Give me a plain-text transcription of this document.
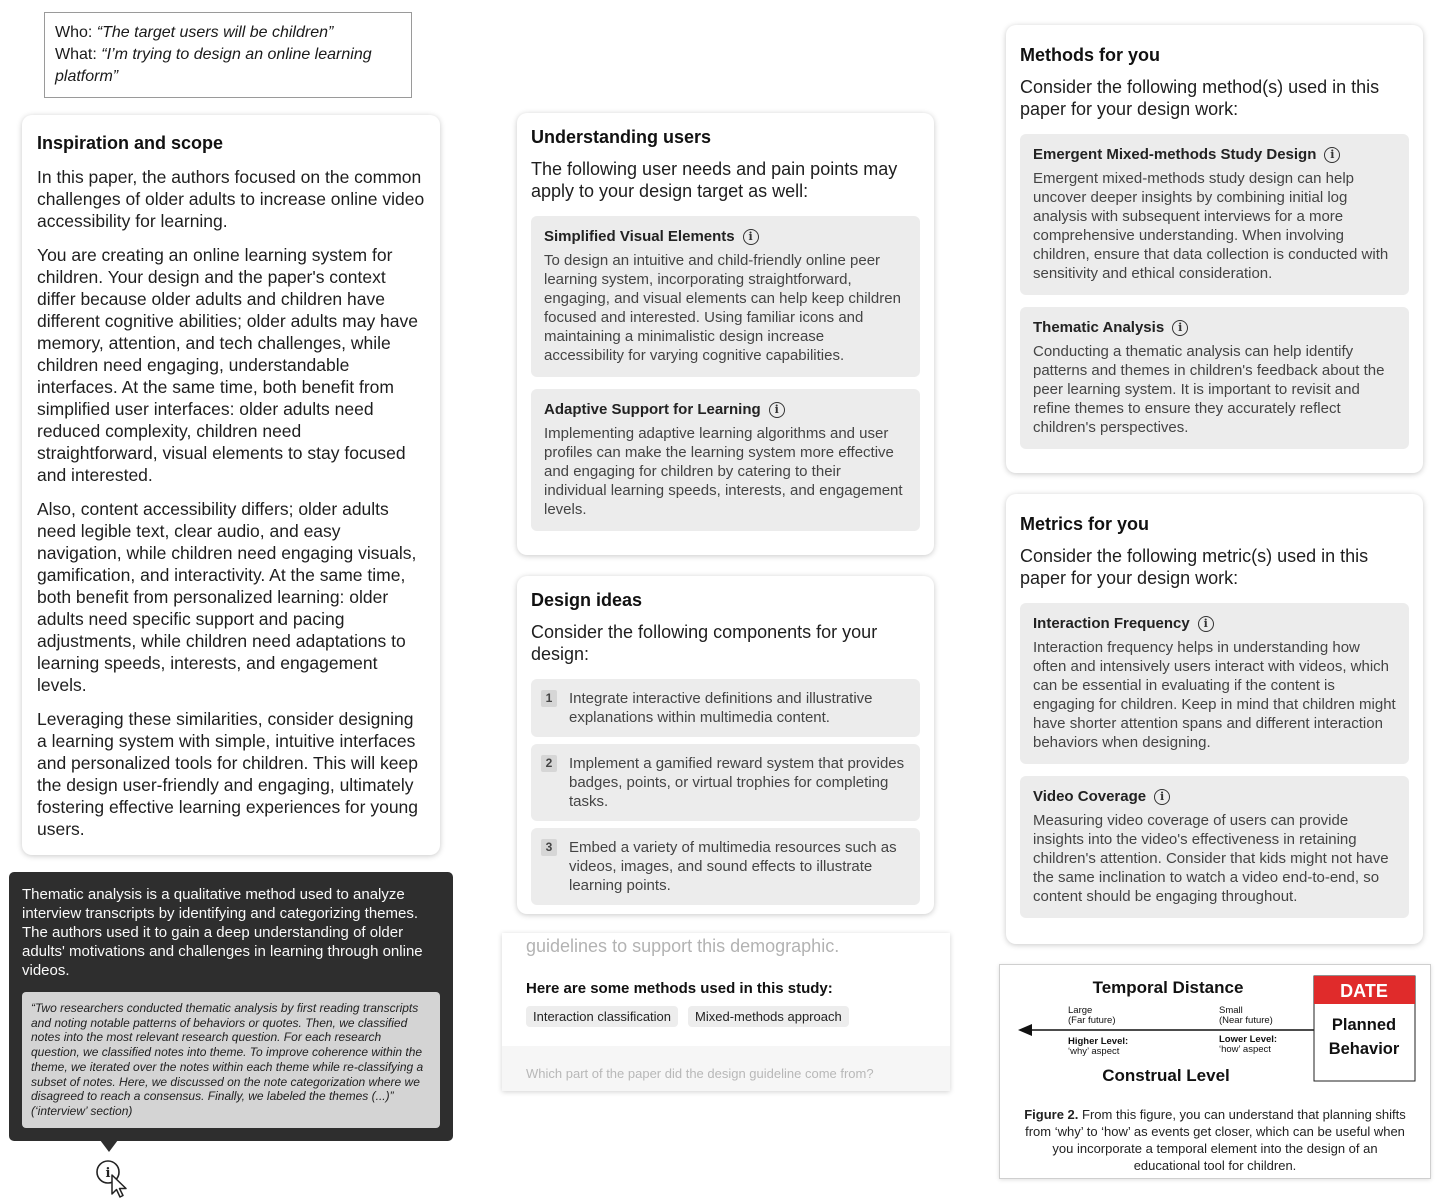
Who: “The target users will be children”
What: “I’m trying to design an online learning platform”
Inspiration and scope

In this paper, the authors focused on the common challenges of older adults to increase online video accessibility for learning.

You are creating an online learning system for children. Your design and the paper's context differ because older adults and children have different cognitive abilities; older adults may have memory, attention, and tech challenges, while children need engaging, understandable interfaces. At the same time, both benefit from simplified user interfaces: older adults need reduced complexity, children need straightforward, visual elements to stay focused and interested.

Also, content accessibility differs; older adults need legible text, clear audio, and easy navigation, while children need engaging visuals, gamification, and interactivity. At the same time, both benefit from personalized learning: older adults need specific support and pacing adjustments, while children need adaptations to learning speeds, interests, and engagement levels.

Leveraging these similarities, consider designing a learning system with simple, intuitive interfaces and personalized tools for children. This will keep the design user-friendly and engaging, ultimately fostering effective learning experiences for young users.

Thematic analysis is a qualitative method used to analyze interview transcripts by identifying and categorizing themes. The authors used it to gain a deep understanding of older adults' motivations and challenges in learning through online videos.
“Two researchers conducted thematic analysis by first reading transcripts and noting notable patterns of behaviors or quotes. Then, we classified notes into the most relevant research question. For each research question, we classified notes into theme. To improve coherence within the theme, we iterated over the notes within each theme while re-classifying a subset of notes. Here, we discussed on the note categorization where we disagreed to reach a consensus. Finally, we labeled the themes (...)” (‘interview’ section)
i
Understanding users
The following user needs and pain points may apply to your design target as well:
Simplified Visual Elements	i
To design an intuitive and child-friendly online peer learning system, incorporating straightforward, engaging, and visual elements can help keep children focused and interested. Using familiar icons and maintaining a minimalistic design increase accessibility for varying cognitive capabilities.
Adaptive Support for Learning	i
Implementing adaptive learning algorithms and user profiles can make the learning system more effective and engaging for children by catering to their individual learning speeds, interests, and engagement levels.
Design ideas
Consider the following components for your design:
1	Integrate interactive definitions and illustrative explanations within multimedia content.
2	Implement a gamified reward system that provides badges, points, or virtual trophies for completing tasks.
3	Embed a variety of multimedia resources such as videos, images, and sound effects to illustrate learning points.
guidelines to support this demographic.
Here are some methods used in this study:
Interaction classification	Mixed-methods approach
Which part of the paper did the design guideline come from?
Methods for you
Consider the following method(s) used in this paper for your design work:
Emergent Mixed-methods Study Design	i
Emergent mixed-methods study design can help uncover deeper insights by combining initial log analysis with subsequent interviews for a more comprehensive understanding. When involving children, ensure that data collection is conducted with sensitivity and ethical consideration.
Thematic Analysis	i
Conducting a thematic analysis can help identify patterns and themes in children's feedback about the peer learning system. It is important to revisit and refine themes to ensure they accurately reflect children's perspectives.
Metrics for you
Consider the following metric(s) used in this paper for your design work:
Interaction Frequency	i
Interaction frequency helps in understanding how often and intensively users interact with videos, which can be essential in evaluating if the content is engaging for children. Keep in mind that children might have shorter attention spans and different interaction behaviors when designing.
Video Coverage	i
Measuring video coverage of users can provide insights into the video's effectiveness in retaining children's attention. Consider that kids might not have the same inclination to watch a video end-to-end, so content should be engaging throughout.
Temporal Distance
Large
(Far future)
Small
(Near future)
Higher Level:
‘why’ aspect
Lower Level:
‘how’ aspect
Construal Level
DATE
Planned
Behavior
Figure 2. From this figure, you can understand that planning shifts from ‘why’ to ‘how’ as events get closer, which can be useful when you incorporate a temporal element into the design of an educational tool for children.
